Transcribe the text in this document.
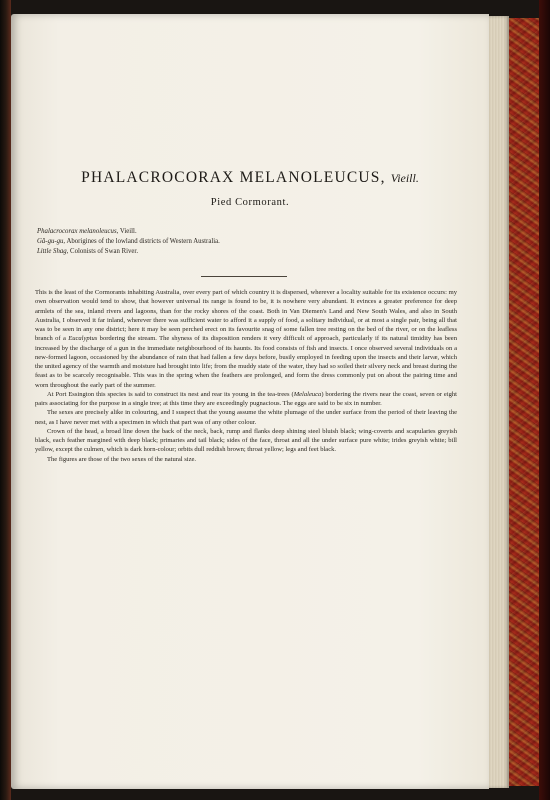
PHALACROCORAX MELANOLEUCUS, Vieill.
Pied Cormorant.
Phalacrocorax melanoleucus, Vieill.
Gă-gu-gu, Aborigines of the lowland districts of Western Australia.
Little Shag, Colonists of Swan River.

This is the least of the Cormorants inhabiting Australia, over every part of which country it is dispersed, wherever a locality suitable for its existence occurs: my own observation would tend to show, that however universal its range is found to be, it is nowhere very abundant. It evinces a greater preference for deep armlets of the sea, inland rivers and lagoons, than for the rocky shores of the coast. Both in Van Diemen's Land and New South Wales, and also in South Australia, I observed it far inland, wherever there was sufficient water to afford it a supply of food, a solitary individual, or at most a single pair, being all that was to be seen in any one district; here it may be seen perched erect on its favourite snag of some fallen tree resting on the bed of the river, or on the leafless branch of a Eucalyptus bordering the stream. The shyness of its disposition renders it very difficult of approach, particularly if its natural timidity has been increased by the discharge of a gun in the immediate neighbourhood of its haunts. Its food consists of fish and insects. I once observed several individuals on a new-formed lagoon, occasioned by the abundance of rain that had fallen a few days before, busily employed in feeding upon the insects and their larvæ, which the united agency of the warmth and moisture had brought into life; from the muddy state of the water, they had so soiled their silvery neck and breast during the feast as to be scarcely recognisable. This was in the spring when the feathers are prolonged, and form the dress commonly put on about the pairing time and worn throughout the early part of the summer.

At Port Essington this species is said to construct its nest and rear its young in the tea-trees (Melaleuca) bordering the rivers near the coast, seven or eight pairs associating for the purpose in a single tree; at this time they are exceedingly pugnacious. The eggs are said to be six in number.

The sexes are precisely alike in colouring, and I suspect that the young assume the white plumage of the under surface from the period of their leaving the nest, as I have never met with a specimen in which that part was of any other colour.

Crown of the head, a broad line down the back of the neck, back, rump and flanks deep shining steel bluish black; wing-coverts and scapularies greyish black, each feather margined with deep black; primaries and tail black; sides of the face, throat and all the under surface pure white; irides greyish white; bill yellow, except the culmen, which is dark horn-colour; orbits dull reddish brown; throat yellow; legs and feet black.

The figures are those of the two sexes of the natural size.
